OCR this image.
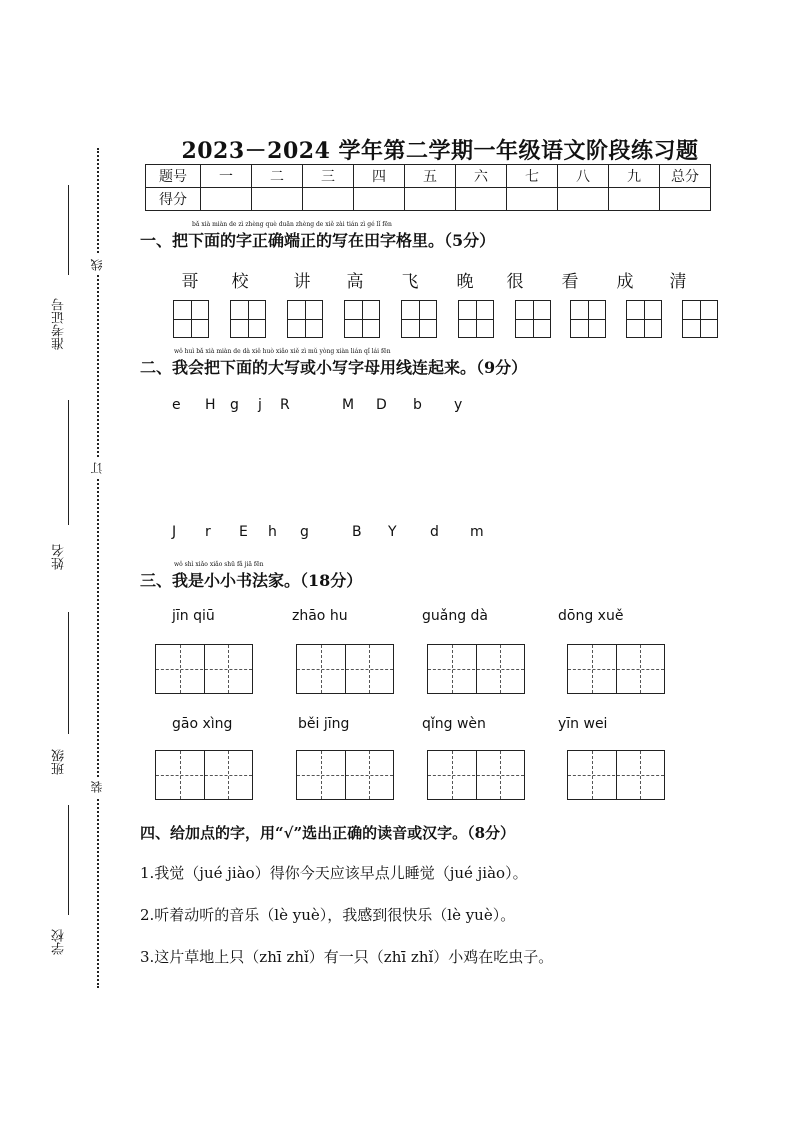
准考证号
姓名
班级
学校
线
订
装
2023－2024 学年第二学期一年级语文阶段练习题
题号	一	二	三	四	五	六	七	八	九	总分
得分										
bǎ xià miàn de zì zhèng què duān zhèng de xiě zài tián zì gé lǐ fēn
一、把下面的字正确端正的写在田字格里。（5分）
哥	校	讲	高	飞	晚	很	看	成	清
wǒ huì bǎ xià miàn de dà xiě huò xiǎo xiě zì mǔ yòng xiàn lián qǐ lái fēn
二、我会把下面的大写或小写字母用线连起来。（9分）
e H g j R	M D b y
J r E h g	B Y d m
wǒ shì xiǎo xiǎo shū fǎ jiā fēn
三、我是小小书法家。（18分）
jīn qiū	zhāo hu	guǎng dà	dōng xuě
gāo xìng	běi jīng	qǐng wèn	yīn wei
四、给加点的字，用“√”选出正确的读音或汉字。（8分）
1.我觉（jué jiào）得你今天应该早点儿睡觉（jué jiào）。
2.听着动听的音乐（lè yuè），我感到很快乐（lè yuè）。
3.这片草地上只（zhī zhǐ）有一只（zhī zhǐ）小鸡在吃虫子。
